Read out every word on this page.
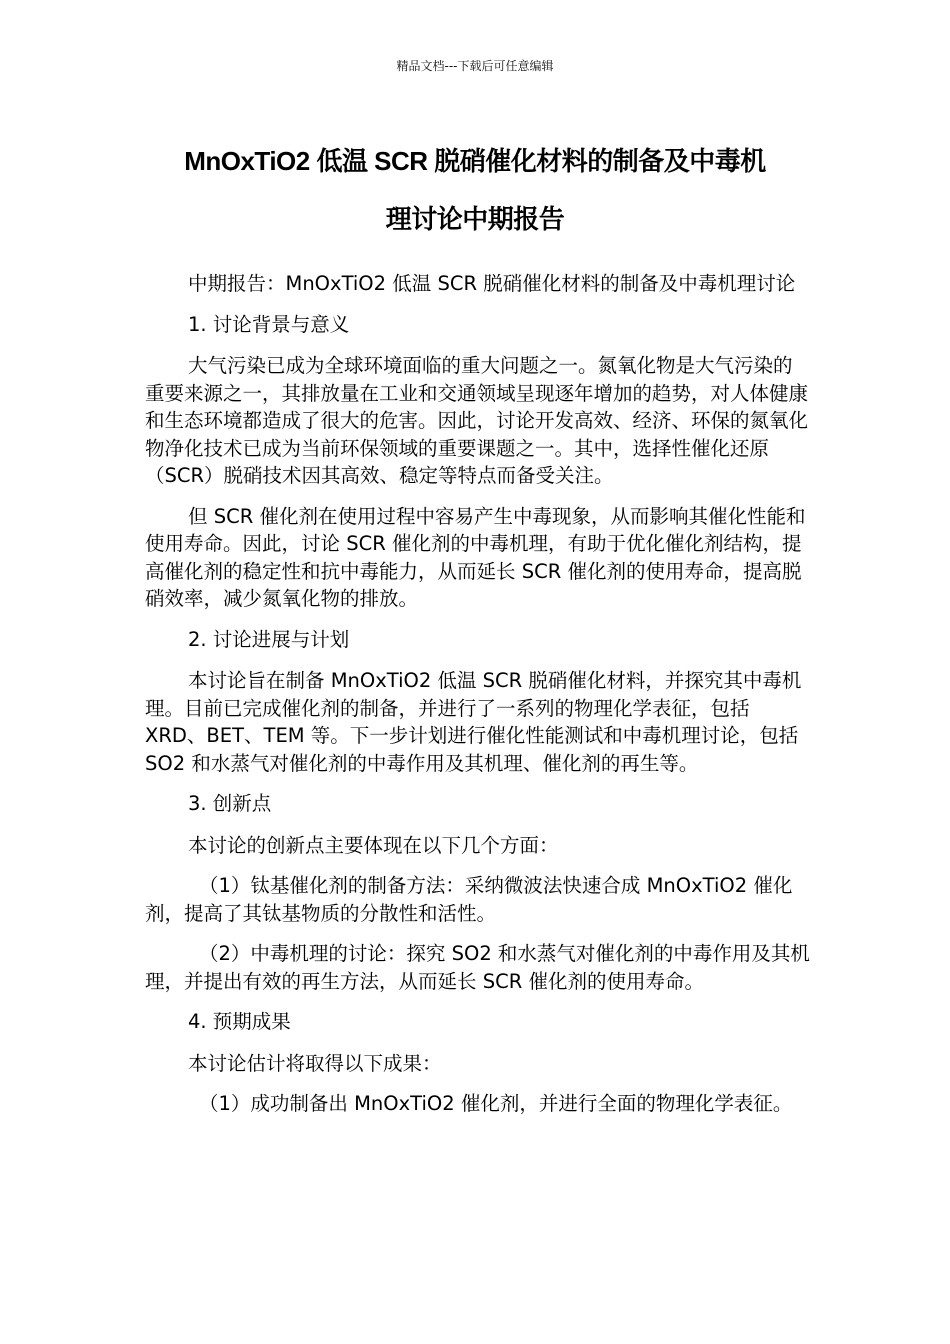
精品文档---下载后可任意编辑
MnOxTiO2 低温 SCR 脱硝催化材料的制备及中毒机
理讨论中期报告

中期报告：MnOxTiO2 低温 SCR 脱硝催化材料的制备及中毒机理讨论

1. 讨论背景与意义

大气污染已成为全球环境面临的重大问题之一。氮氧化物是大气污染的重要来源之一，其排放量在工业和交通领域呈现逐年增加的趋势，对人体健康和生态环境都造成了很大的危害。因此，讨论开发高效、经济、环保的氮氧化物净化技术已成为当前环保领域的重要课题之一。其中，选择性催化还原（SCR）脱硝技术因其高效、稳定等特点而备受关注。

但 SCR 催化剂在使用过程中容易产生中毒现象，从而影响其催化性能和使用寿命。因此，讨论 SCR 催化剂的中毒机理，有助于优化催化剂结构，提高催化剂的稳定性和抗中毒能力，从而延长 SCR 催化剂的使用寿命，提高脱硝效率，减少氮氧化物的排放。

2. 讨论进展与计划

本讨论旨在制备 MnOxTiO2 低温 SCR 脱硝催化材料，并探究其中毒机理。目前已完成催化剂的制备，并进行了一系列的物理化学表征，包括 XRD、BET、TEM 等。下一步计划进行催化性能测试和中毒机理讨论，包括 SO2 和水蒸气对催化剂的中毒作用及其机理、催化剂的再生等。

3. 创新点

本讨论的创新点主要体现在以下几个方面：

（1）钛基催化剂的制备方法：采纳微波法快速合成 MnOxTiO2 催化剂，提高了其钛基物质的分散性和活性。

（2）中毒机理的讨论：探究 SO2 和水蒸气对催化剂的中毒作用及其机理，并提出有效的再生方法，从而延长 SCR 催化剂的使用寿命。

4. 预期成果

本讨论估计将取得以下成果：

（1）成功制备出 MnOxTiO2 催化剂，并进行全面的物理化学表征。
